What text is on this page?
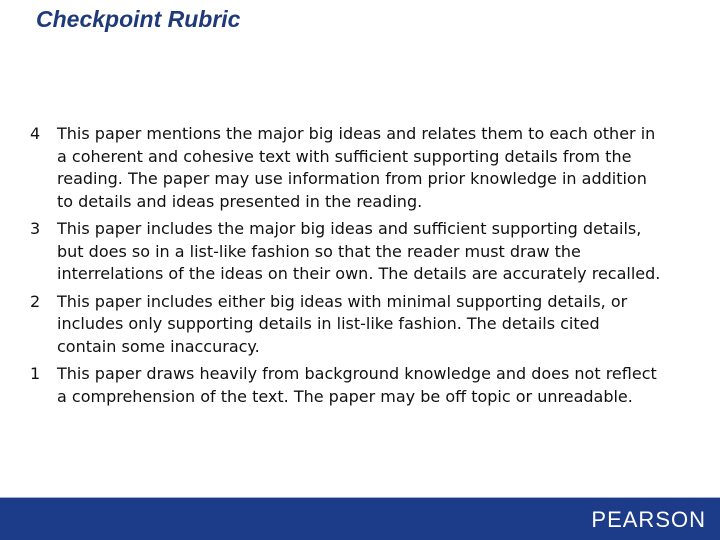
Checkpoint Rubric
4	This paper mentions the major big ideas and relates them to each other in a coherent and cohesive text with sufficient supporting details from the reading. The paper may use information from prior knowledge in addition to details and ideas presented in the reading.
3	This paper includes the major big ideas and sufficient supporting details, but does so in a list-like fashion so that the reader must draw the interrelations of the ideas on their own. The details are accurately recalled.
2	This paper includes either big ideas with minimal supporting details, or includes only supporting details in list-like fashion. The details cited contain some inaccuracy.
1	This paper draws heavily from background knowledge and does not reflect a comprehension of the text. The paper may be off topic or unreadable.
PEARSON
